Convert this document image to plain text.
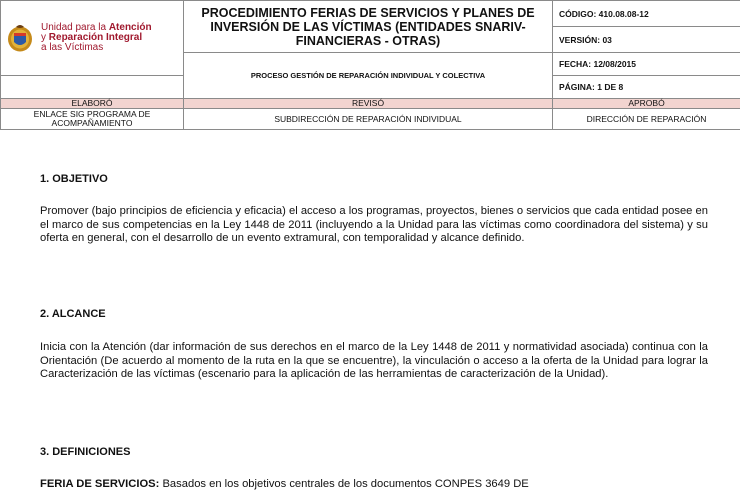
Unidad para la Atención
y Reparación Integral
a las Víctimas	PROCEDIMIENTO FERIAS DE SERVICIOS Y PLANES DE INVERSIÓN DE LAS VÍCTIMAS (ENTIDADES SNARIV-FINANCIERAS - OTRAS)	CÓDIGO: 410.08.08-12
		VERSIÓN: 03
	PROCESO GESTIÓN DE REPARACIÓN INDIVIDUAL Y COLECTIVA	FECHA: 12/08/2015
		PÁGINA: 1 DE 8
ELABORÓ	REVISÓ	APROBÓ
ENLACE SIG PROGRAMA DE ACOMPAÑAMIENTO	SUBDIRECCIÓN DE REPARACIÓN INDIVIDUAL	DIRECCIÓN DE REPARACIÓN
1. OBJETIVO
Promover (bajo principios de eficiencia y eficacia) el acceso a los programas, proyectos, bienes o servicios que cada entidad posee en el marco de sus competencias en la Ley 1448 de 2011 (incluyendo a la Unidad para las víctimas como coordinadora del sistema) y su oferta en general, con el desarrollo de un evento extramural, con temporalidad y alcance definido.
2. ALCANCE
Inicia con la Atención (dar información de sus derechos en el marco de la Ley 1448 de 2011 y normatividad asociada) continua con la Orientación (De acuerdo al momento de la ruta en la que se encuentre), la vinculación o acceso a la oferta de la Unidad para lograr la Caracterización de las víctimas (escenario para la aplicación de las herramientas de caracterización de la Unidad).
3. DEFINICIONES
FERIA DE SERVICIOS: Basados en los objetivos centrales de los documentos CONPES 3649 DE
